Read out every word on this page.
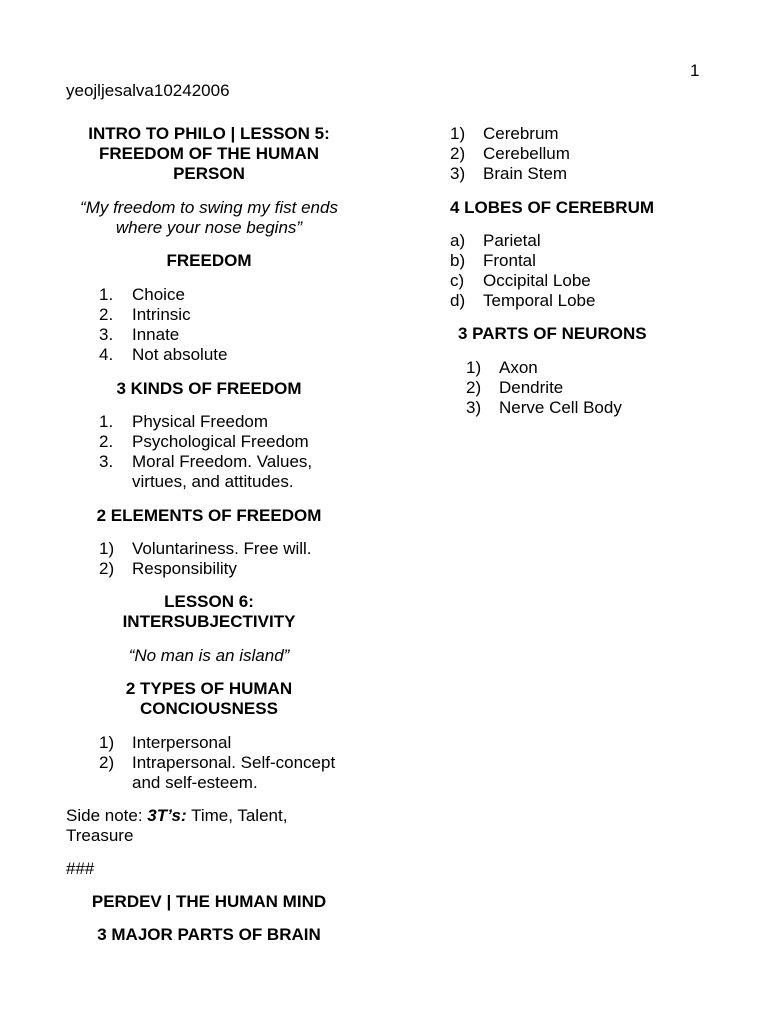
1
yeojljesalva10242006

INTRO TO PHILO | LESSON 5: FREEDOM OF THE HUMAN PERSON

“My freedom to swing my fist ends where your nose begins”

FREEDOM

1. Choice
2. Intrinsic
3. Innate
4. Not absolute

3 KINDS OF FREEDOM

1. Physical Freedom
2. Psychological Freedom
3. Moral Freedom. Values, virtues, and attitudes.

2 ELEMENTS OF FREEDOM

1) Voluntariness. Free will.
2) Responsibility

LESSON 6: INTERSUBJECTIVITY

“No man is an island”

2 TYPES OF HUMAN CONCIOUSNESS

1) Interpersonal
2) Intrapersonal. Self-concept and self-esteem.

Side note: 3T’s: Time, Talent, Treasure

###

PERDEV | THE HUMAN MIND

3 MAJOR PARTS OF BRAIN

1) Cerebrum
2) Cerebellum
3) Brain Stem

4 LOBES OF CEREBRUM

a) Parietal
b) Frontal
c) Occipital Lobe
d) Temporal Lobe

3 PARTS OF NEURONS

1) Axon
2) Dendrite
3) Nerve Cell Body
